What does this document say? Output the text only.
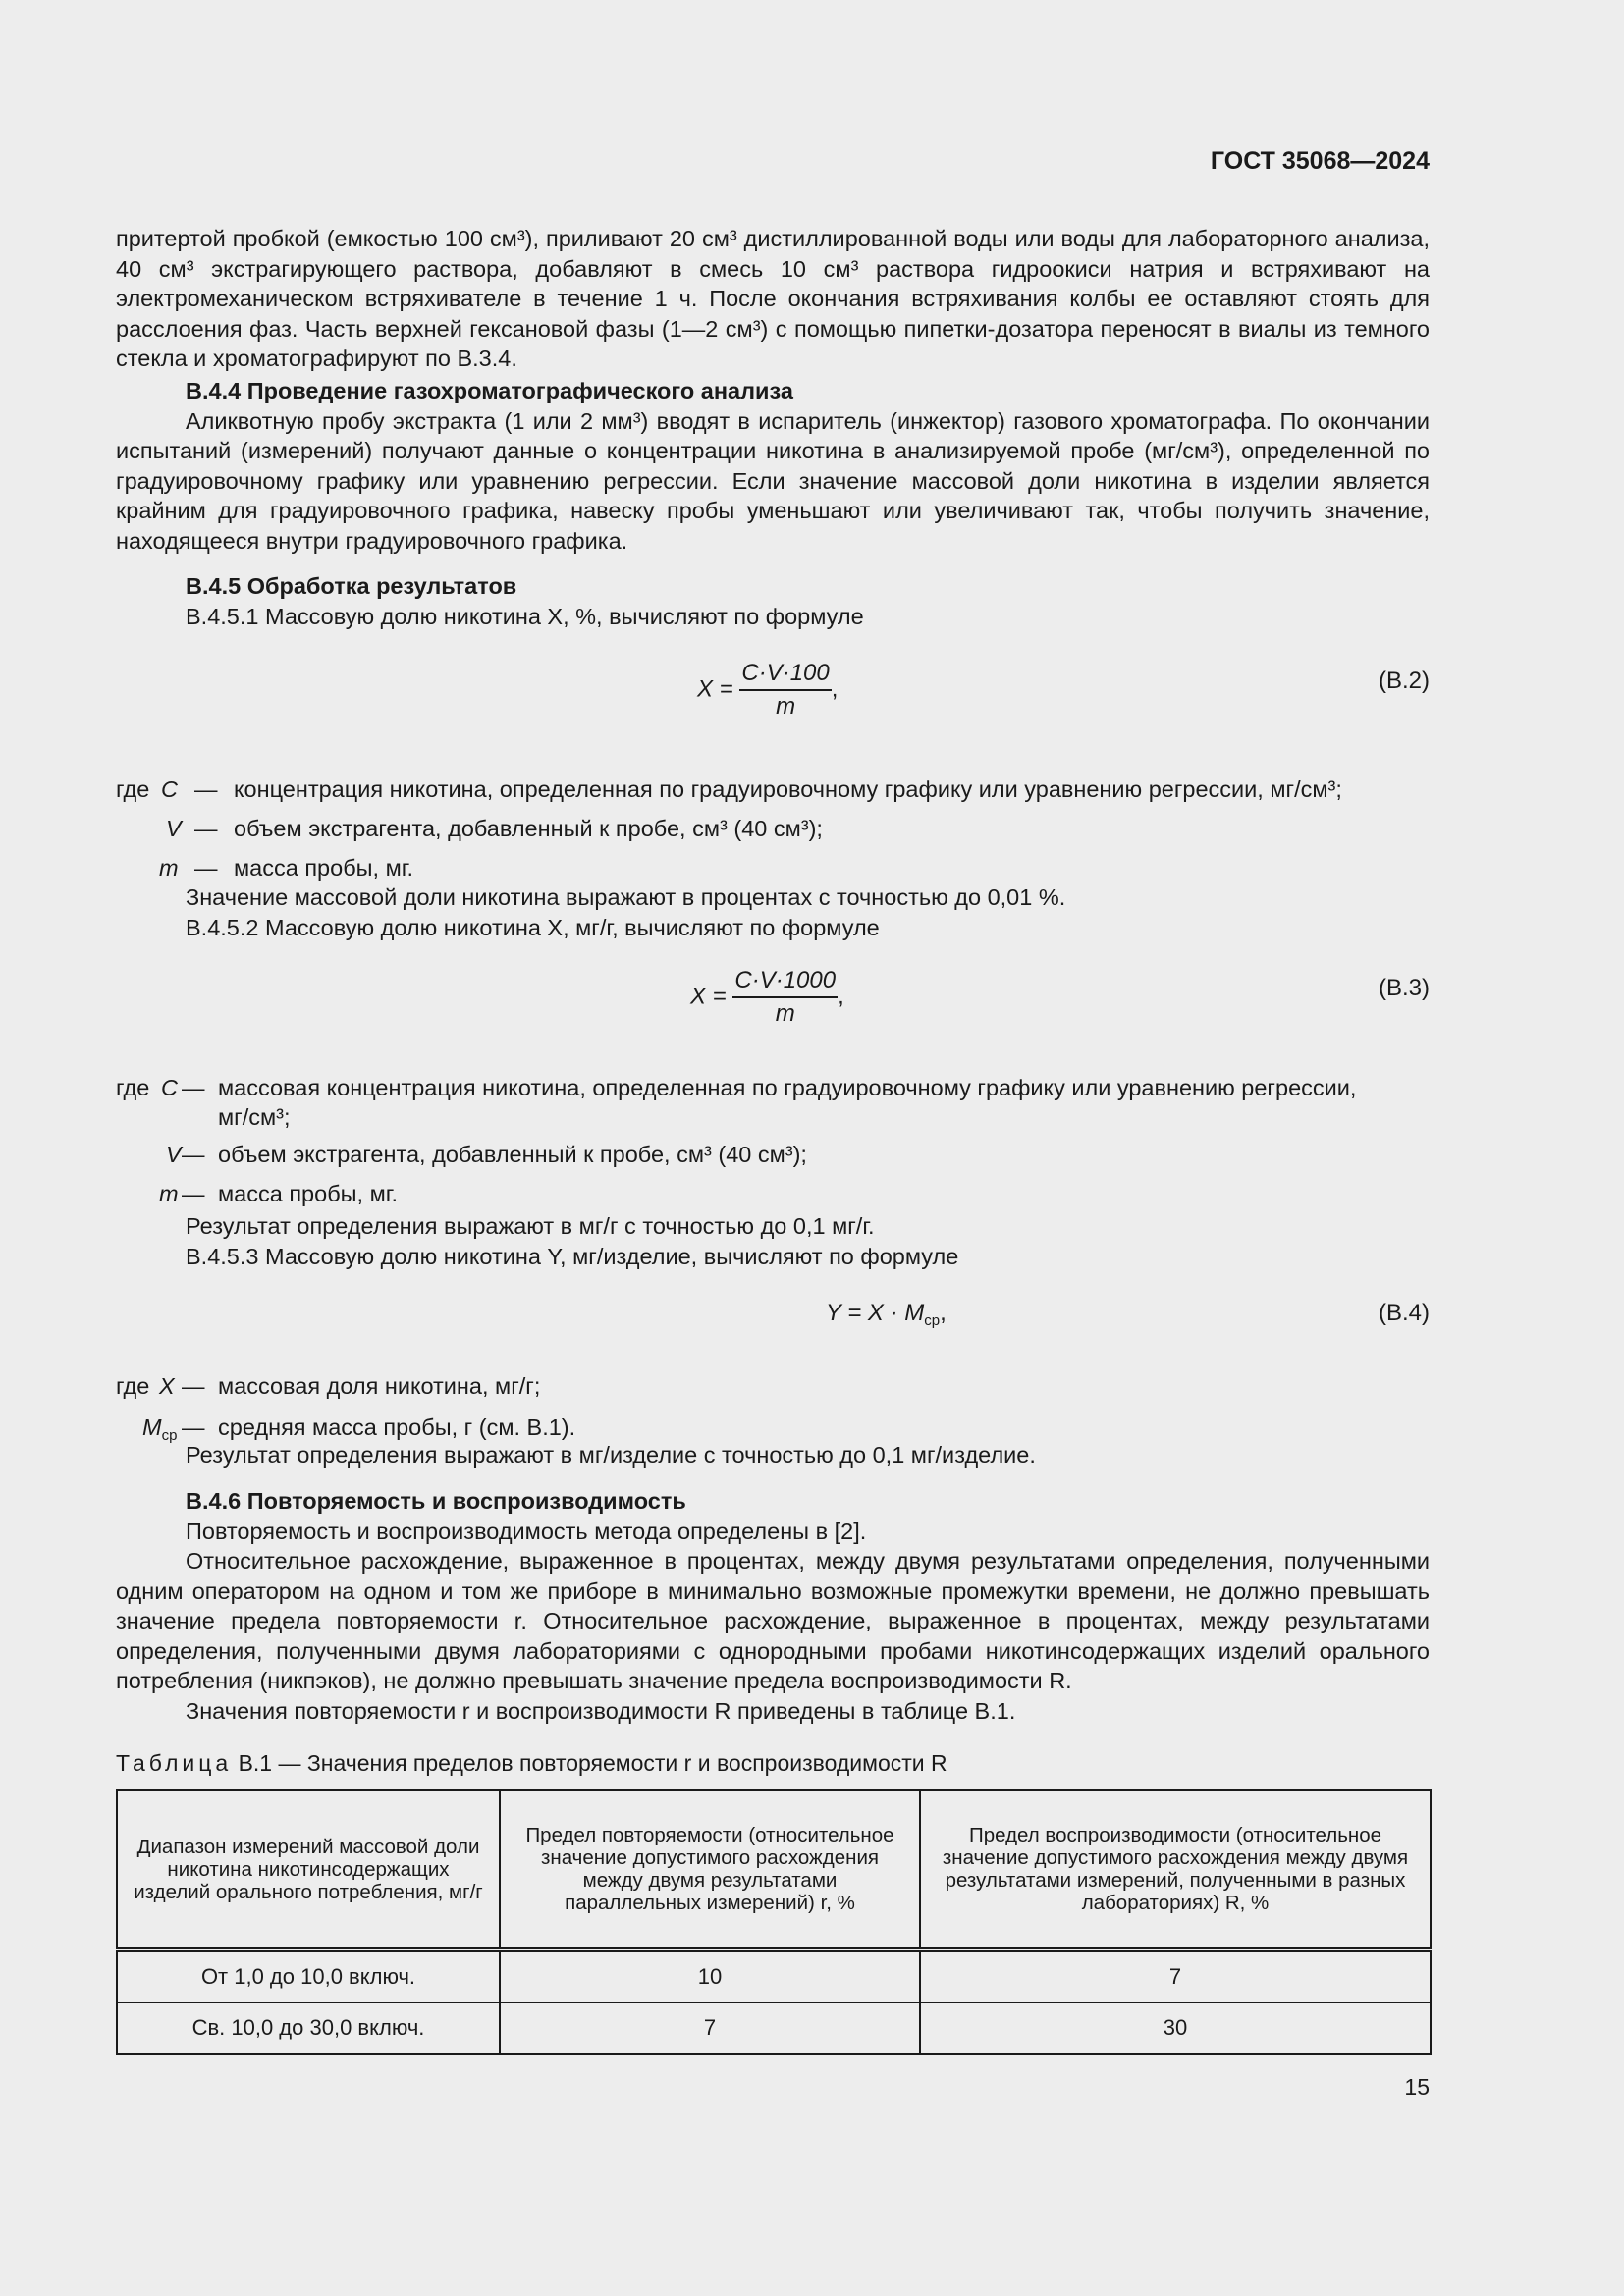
ГОСТ 35068—2024

притертой пробкой (емкостью 100 см³), приливают 20 см³ дистиллированной воды или воды для лабораторного анализа, 40 см³ экстрагирующего раствора, добавляют в смесь 10 см³ раствора гидроокиси натрия и встряхивают на электромеханическом встряхивателе в течение 1 ч. После окончания встряхивания колбы ее оставляют стоять для расслоения фаз. Часть верхней гексановой фазы (1—2 см³) с помощью пипетки-дозатора переносят в виалы из темного стекла и хроматографируют по В.3.4.

В.4.4 Проведение газохроматографического анализа

Аликвотную пробу экстракта (1 или 2 мм³) вводят в испаритель (инжектор) газового хроматографа. По окончании испытаний (измерений) получают данные о концентрации никотина в анализируемой пробе (мг/см³), определенной по градуировочному графику или уравнению регрессии. Если значение массовой доли никотина в изделии является крайним для градуировочного графика, навеску пробы уменьшают или увеличивают так, чтобы получить значение, находящееся внутри градуировочного графика.

В.4.5 Обработка результатов

В.4.5.1 Массовую долю никотина X, %, вычисляют по формуле

$X = \frac{C\cdot V\cdot 100}{m}$ ,	(В.2)
где C — концентрация никотина, определенная по градуировочному графику или уравнению регрессии, мг/см³;
V — объем экстрагента, добавленный к пробе, см³ (40 см³);
m — масса пробы, мг.

Значение массовой доли никотина выражают в процентах с точностью до 0,01 %.

В.4.5.2 Массовую долю никотина X, мг/г, вычисляют по формуле

$X = \frac{C\cdot V\cdot 1000}{m}$ ,	(В.3)
где C — массовая концентрация никотина, определенная по градуировочному графику или уравнению регрессии,
мг/см³;
V — объем экстрагента, добавленный к пробе, см³ (40 см³);
m — масса пробы, мг.

Результат определения выражают в мг/г с точностью до 0,1 мг/г.

В.4.5.3 Массовую долю никотина Y, мг/изделие, вычисляют по формуле

$Y = X \cdot M_{ср}$,	(В.4)
где X — массовая доля никотина, мг/г;
$M_{ср}$ — средняя масса пробы, г (см. В.1).

Результат определения выражают в мг/изделие с точностью до 0,1 мг/изделие.

В.4.6 Повторяемость и воспроизводимость

Повторяемость и воспроизводимость метода определены в [2].

Относительное расхождение, выраженное в процентах, между двумя результатами определения, полученными одним оператором на одном и том же приборе в минимально возможные промежутки времени, не должно превышать значение предела повторяемости r. Относительное расхождение, выраженное в процентах, между результатами определения, полученными двумя лабораториями с однородными пробами никотинсодержащих изделий орального потребления (никпэков), не должно превышать значение предела воспроизводимости R.

Значения повторяемости r и воспроизводимости R приведены в таблице В.1.

Таблица В.1 — Значения пределов повторяемости r и воспроизводимости R
Диапазон измерений массовой доли никотина никотинсодержащих изделий орального потребления, мг/г	Предел повторяемости (относительное значение допустимого расхождения между двумя результатами параллельных измерений) r, %	Предел воспроизводимости (относительное значение допустимого расхождения между двумя результатами измерений, полученными в разных лабораториях) R, %
От 1,0 до 10,0 включ.	10	7
Св. 10,0 до 30,0 включ.	7	30
15
